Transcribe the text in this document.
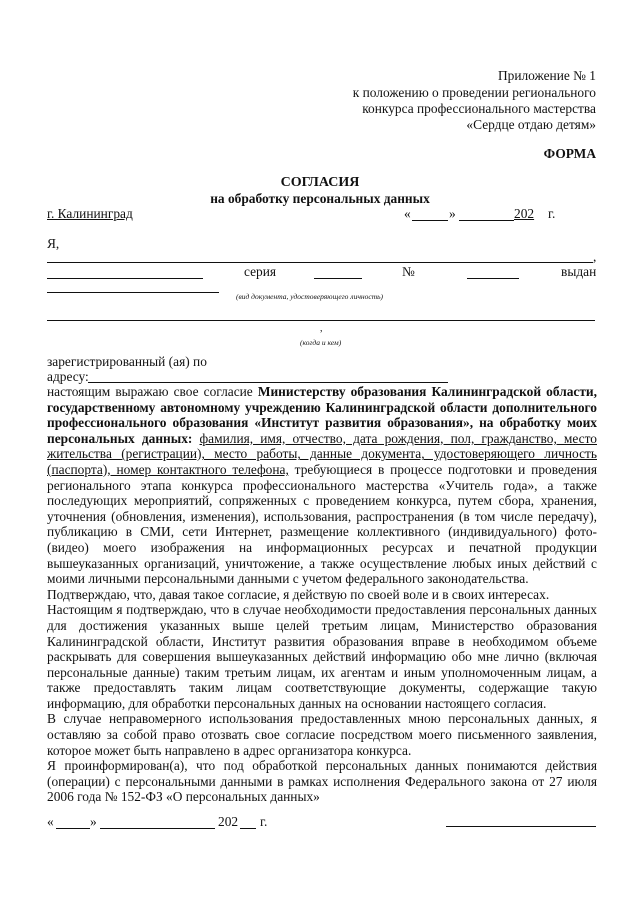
Приложение № 1
к положению о проведении регионального
конкурса профессионального мастерства
«Сердце отдаю детям»
ФОРМА
СОГЛАСИЯ
на обработку персональных данных
г. Калининград	«	»	202 г.
Я,
,
серия	№	выдан
(вид документа, удостоверяющего личность)
,
(когда и кем)
зарегистрированный (ая) по
адресу:

настоящим выражаю свое согласие Министерству образования Калининградской области, государственному автономному учреждению Калининградской области дополнительного профессионального образования «Институт развития образования», на обработку моих персональных данных: фамилия, имя, отчество, дата рождения, пол, гражданство, место жительства (регистрации), место работы, данные документа, удостоверяющего личность (паспорта), номер контактного телефона, требующиеся в процессе подготовки и проведения регионального этапа конкурса профессионального мастерства «Учитель года», а также последующих мероприятий, сопряженных с проведением конкурса, путем сбора, хранения, уточнения (обновления, изменения), использования, распространения (в том числе передачу), публикацию в СМИ, сети Интернет, размещение коллективного (индивидуального) фото- (видео) моего изображения на информационных ресурсах и печатной продукции вышеуказанных организаций, уничтожение, а также осуществление любых иных действий с моими личными персональными данными с учетом федерального законодательства.

Подтверждаю, что, давая такое согласие, я действую по своей воле и в своих интересах.

Настоящим я подтверждаю, что в случае необходимости предоставления персональных данных для достижения указанных выше целей третьим лицам, Министерство образования Калининградской области, Институт развития образования вправе в необходимом объеме раскрывать для совершения вышеуказанных действий информацию обо мне лично (включая персональные данные) таким третьим лицам, их агентам и иным уполномоченным лицам, а также предоставлять таким лицам соответствующие документы, содержащие такую информацию, для обработки персональных данных на основании настоящего согласия.

В случае неправомерного использования предоставленных мною персональных данных, я оставляю за собой право отозвать свое согласие посредством моего письменного заявления, которое может быть направлено в адрес организатора конкурса.

Я проинформирован(а), что под обработкой персональных данных понимаются действия (операции) с персональными данными в рамках исполнения Федерального закона от 27 июля 2006 года № 152-ФЗ «О персональных данных»

«	»	202 г.
